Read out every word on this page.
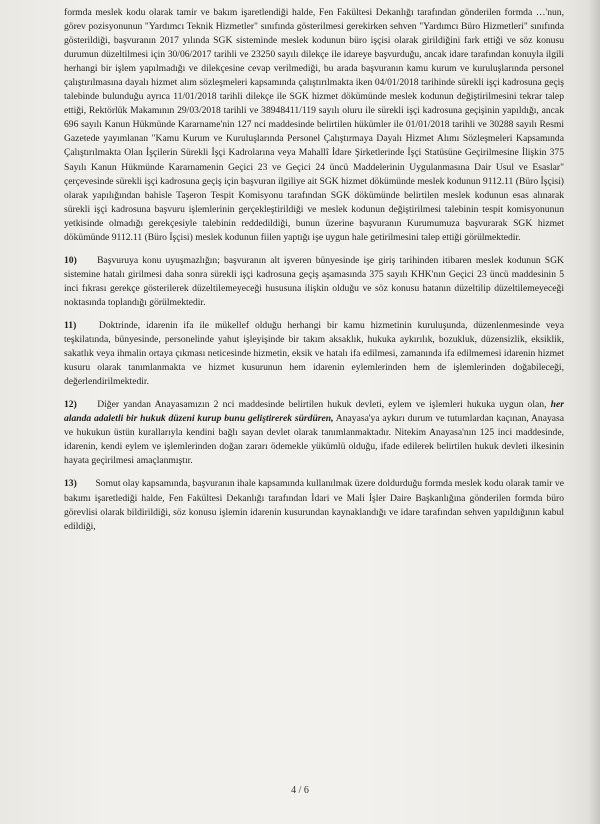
formda meslek kodu olarak tamir ve bakım işaretlendiği halde, Fen Fakültesi Dekanlığı tarafından gönderilen formda …'nun, görev pozisyonunun "Yardımcı Teknik Hizmetler" sınıfında gösterilmesi gerekirken sehven "Yardımcı Büro Hizmetleri" sınıfında gösterildiği, başvuranın 2017 yılında SGK sisteminde meslek kodunun büro işçisi olarak girildiğini fark ettiği ve söz konusu durumun düzeltilmesi için 30/06/2017 tarihli ve 23250 sayılı dilekçe ile idareye başvurduğu, ancak idare tarafından konuyla ilgili herhangi bir işlem yapılmadığı ve dilekçesine cevap verilmediği, bu arada başvuranın kamu kurum ve kuruluşlarında personel çalıştırılmasına dayalı hizmet alım sözleşmeleri kapsamında çalıştırılmakta iken 04/01/2018 tarihinde sürekli işçi kadrosuna geçiş talebinde bulunduğu ayrıca 11/01/2018 tarihli dilekçe ile SGK hizmet dökümünde meslek kodunun değiştirilmesini tekrar talep ettiği, Rektörlük Makamının 29/03/2018 tarihli ve 38948411/119 sayılı oluru ile sürekli işçi kadrosuna geçişinin yapıldığı, ancak 696 sayılı Kanun Hükmünde Kararname'nin 127 nci maddesinde belirtilen hükümler ile 01/01/2018 tarihli ve 30288 sayılı Resmi Gazetede yayımlanan "Kamu Kurum ve Kuruluşlarında Personel Çalıştırmaya Dayalı Hizmet Alımı Sözleşmeleri Kapsamında Çalıştırılmakta Olan İşçilerin Sürekli İşçi Kadrolarına veya Mahallî İdare Şirketlerinde İşçi Statüsüne Geçirilmesine İlişkin 375 Sayılı Kanun Hükmünde Kararnamenin Geçici 23 ve Geçici 24 üncü Maddelerinin Uygulanmasına Dair Usul ve Esaslar" çerçevesinde sürekli işçi kadrosuna geçiş için başvuran ilgiliye ait SGK hizmet dökümünde meslek kodunun 9112.11 (Büro İşçisi) olarak yapılığından bahisle Taşeron Tespit Komisyonu tarafından SGK dökümünde belirtilen meslek kodunun esas alınarak sürekli işçi kadrosuna başvuru işlemlerinin gerçekleştirildiği ve meslek kodunun değiştirilmesi talebinin tespit komisyonunun yetkisinde olmadığı gerekçesiyle talebinin reddedildiği, bunun üzerine başvuranın Kurumumuza başvurarak SGK hizmet dökümünde 9112.11 (Büro İşçisi) meslek kodunun fiilen yaptığı işe uygun hale getirilmesini talep ettiği görülmektedir.

10) Başvuruya konu uyuşmazlığın; başvuranın alt işveren bünyesinde işe giriş tarihinden itibaren meslek kodunun SGK sistemine hatalı girilmesi daha sonra sürekli işçi kadrosuna geçiş aşamasında 375 sayılı KHK'nın Geçici 23 üncü maddesinin 5 inci fıkrası gerekçe gösterilerek düzeltilemeyeceği hususuna ilişkin olduğu ve söz konusu hatanın düzeltilip düzeltilemeyeceği noktasında toplandığı görülmektedir.

11) Doktrinde, idarenin ifa ile mükellef olduğu herhangi bir kamu hizmetinin kuruluşunda, düzenlenmesinde veya teşkilatında, bünyesinde, personelinde yahut işleyişinde bir takım aksaklık, hukuka aykırılık, bozukluk, düzensizlik, eksiklik, sakatlık veya ihmalin ortaya çıkması neticesinde hizmetin, eksik ve hatalı ifa edilmesi, zamanında ifa edilmemesi idarenin hizmet kusuru olarak tanımlanmakta ve hizmet kusurunun hem idarenin eylemlerinden hem de işlemlerinden doğabileceği, değerlendirilmektedir.

12) Diğer yandan Anayasamızın 2 nci maddesinde belirtilen hukuk devleti, eylem ve işlemleri hukuka uygun olan, her alanda adaletli bir hukuk düzeni kurup bunu geliştirerek sürdüren, Anayasa'ya aykırı durum ve tutumlardan kaçınan, Anayasa ve hukukun üstün kurallarıyla kendini bağlı sayan devlet olarak tanımlanmaktadır. Nitekim Anayasa'nın 125 inci maddesinde, idarenin, kendi eylem ve işlemlerinden doğan zararı ödemekle yükümlü olduğu, ifade edilerek belirtilen hukuk devleti ilkesinin hayata geçirilmesi amaçlanmıştır.

13) Somut olay kapsamında, başvuranın ihale kapsamında kullanılmak üzere doldurduğu formda meslek kodu olarak tamir ve bakımı işaretlediği halde, Fen Fakültesi Dekanlığı tarafından İdari ve Mali İşler Daire Başkanlığına gönderilen formda büro görevlisi olarak bildirildiği, söz konusu işlemin idarenin kusurundan kaynaklandığı ve idare tarafından sehven yapıldığının kabul edildiği,

4 / 6
